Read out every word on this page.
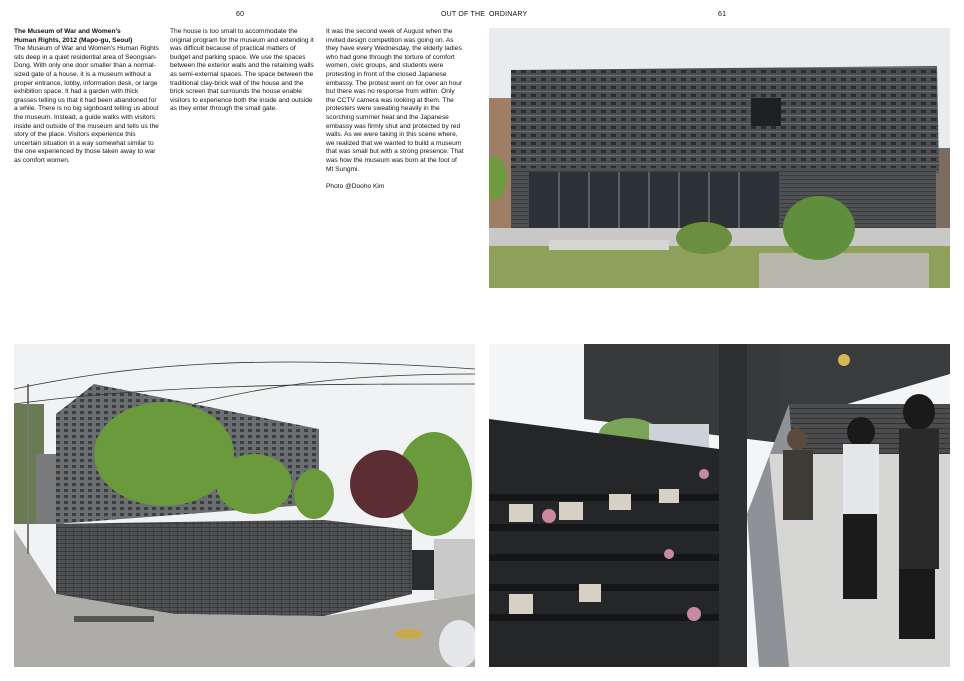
60	OUT OF THE ORDINARY	61
The Museum of War and Women's
Human Rights, 2012 (Mapo-gu, Seoul)

The Museum of War and Women's Human Rights sits deep in a quiet residential area of Seongsan-Dong. With only one door smaller than a normal-sized gate of a house, it is a museum without a proper entrance, lobby, information desk, or large exhibition space. It had a garden with thick grasses telling us that it had been abandoned for a while. There is no big signboard telling us about the museum. Instead, a guide walks with visitors inside and outside of the museum and tells us the story of the place. Visitors experience this uncertain situation in a way somewhat similar to the one experienced by those taken away to war as comfort women.

The house is too small to accommodate the original program for the museum and extending it was difficult because of practical matters of budget and parking space. We use the spaces between the exterior walls and the retaining walls as semi-external spaces. The space between the traditional clay-brick wall of the house and the brick screen that surrounds the house enable visitors to experience both the inside and outside as they enter through the small gate.

It was the second week of August when the invited design competition was going on. As they have every Wednesday, the elderly ladies who had gone through the torture of comfort women, civic groups, and students were protesting in front of the closed Japanese embassy. The protest went on for over an hour but there was no response from within. Only the CCTV camera was looking at them. The protesters were sweating heavily in the scorching summer heat and the Japanese embassy was firmly shut and protected by red walls. As we were taking in this scene where, we realized that we wanted to build a museum that was small but with a strong presence. That was how the museum was born at the foot of Mt Sungmi.

Photo @Dooho Kim
